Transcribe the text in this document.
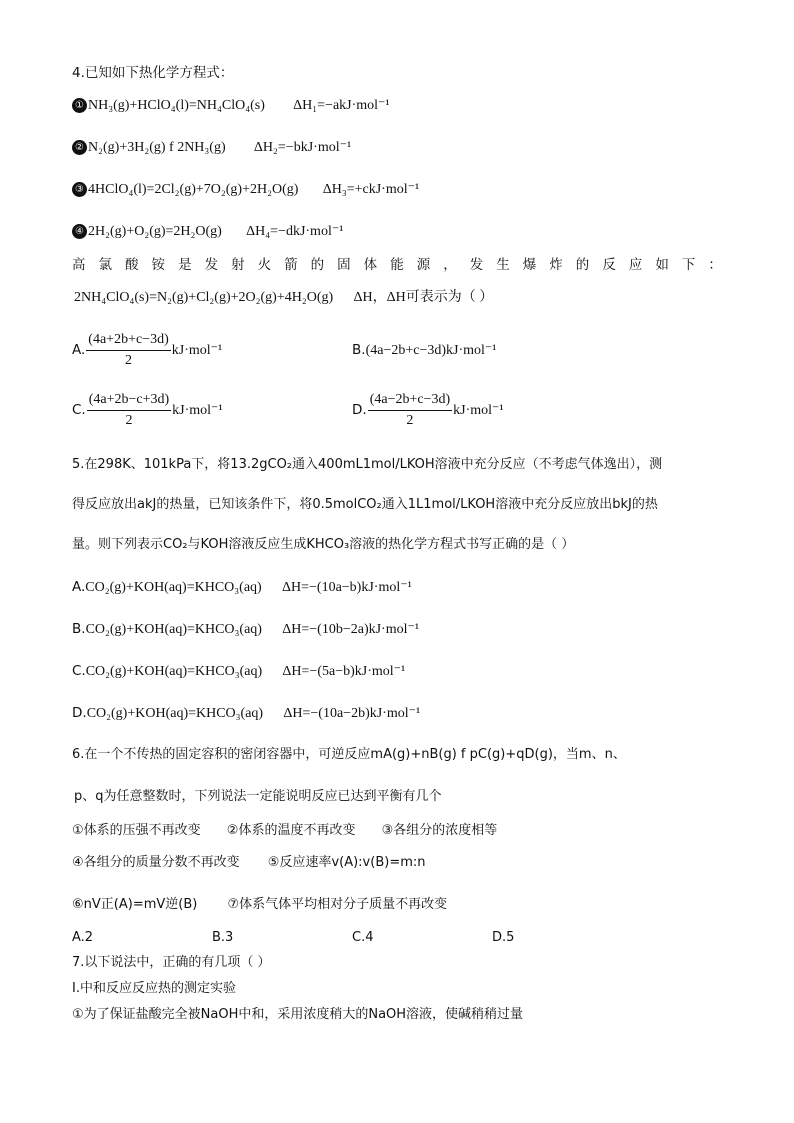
4.已知如下热化学方程式：
① NH₃(g)+HClO₄(l)=NH₄ClO₄(s) ΔH₁=−akJ·mol⁻¹
② N₂(g)+3H₂(g) f 2NH₃(g) ΔH₂=−bkJ·mol⁻¹
③ 4HClO₄(l)=2Cl₂(g)+7O₂(g)+2H₂O(g) ΔH₃=+ckJ·mol⁻¹
④ 2H₂(g)+O₂(g)=2H₂O(g) ΔH₄=−dkJ·mol⁻¹
高 氯 酸 铵 是 发 射 火 箭 的 固 体 能 源 ， 发 生 爆 炸 的 反 应 如 下 ：
2NH₄ClO₄(s)=N₂(g)+Cl₂(g)+2O₂(g)+4H₂O(g) ΔH，ΔH可表示为（ ）
A. $\frac{(4a+2b+c-3d)}{2} kJ\cdot mol^{-1}$	B.(4a−2b+c−3d)kJ·mol⁻¹
C. $\frac{(4a+2b-c+3d)}{2} kJ\cdot mol^{-1}$	D. $\frac{(4a-2b+c-3d)}{2} kJ\cdot mol^{-1}$
5.在298K、101kPa下，将13.2gCO₂通入400mL1mol/LKOH溶液中充分反应（不考虑气体逸出），测
得反应放出akJ的热量，已知该条件下，将0.5molCO₂通入1L1mol/LKOH溶液中充分反应放出bkJ的热
量。则下列表示CO₂与KOH溶液反应生成KHCO₃溶液的热化学方程式书写正确的是（ ）
A.CO₂(g)+KOH(aq)=KHCO₃(aq) ΔH=−(10a−b)kJ·mol⁻¹
B.CO₂(g)+KOH(aq)=KHCO₃(aq) ΔH=−(10b−2a)kJ·mol⁻¹
C.CO₂(g)+KOH(aq)=KHCO₃(aq) ΔH=−(5a−b)kJ·mol⁻¹
D.CO₂(g)+KOH(aq)=KHCO₃(aq) ΔH=−(10a−2b)kJ·mol⁻¹
6.在一个不传热的固定容积的密闭容器中，可逆反应mA(g)+nB(g) f pC(g)+qD(g)，当m、n、
p、q为任意整数时，下列说法一定能说明反应已达到平衡有几个
①体系的压强不再改变 ②体系的温度不再改变 ③各组分的浓度相等
④各组分的质量分数不再改变 ⑤反应速率v(A):v(B)=m:n
⑥nV正(A)=mV逆(B) ⑦体系气体平均相对分子质量不再改变
A.2	B.3	C.4	D.5
7.以下说法中，正确的有几项（ ）
Ⅰ.中和反应反应热的测定实验
①为了保证盐酸完全被NaOH中和，采用浓度稍大的NaOH溶液，使碱稍稍过量
